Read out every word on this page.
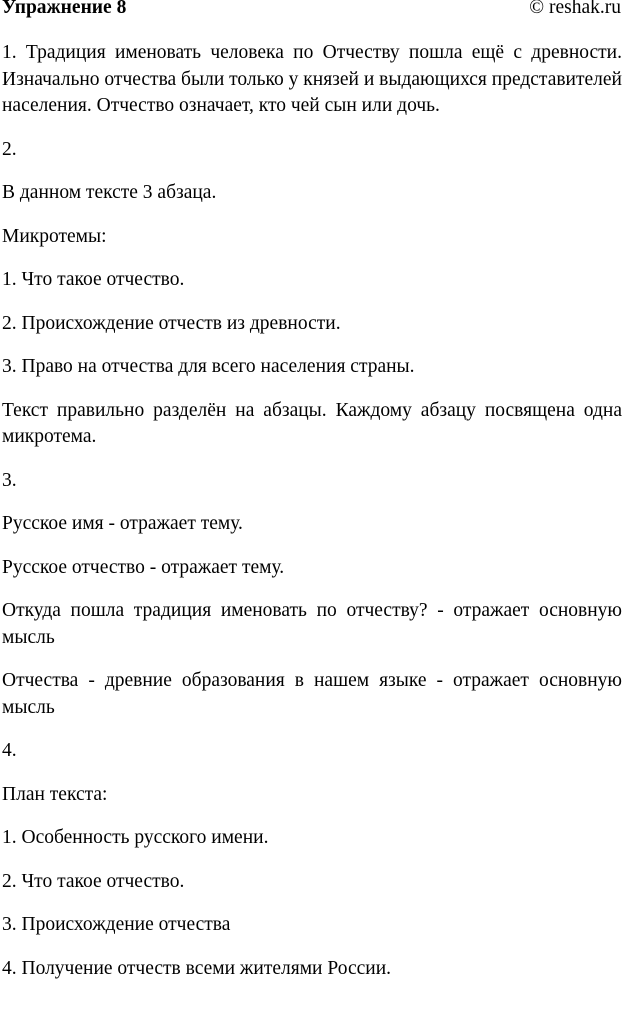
Упражнение 8	© reshak.ru

1. Традиция именовать человека по Отчеству пошла ещё с древности. Изначально отчества были только у князей и выдающихся представителей населения. Отчество означает, кто чей сын или дочь.

2.

В данном тексте 3 абзаца.

Микротемы:

1. Что такое отчество.

2. Происхождение отчеств из древности.

3. Право на отчества для всего населения страны.

Текст правильно разделён на абзацы. Каждому абзацу посвящена одна микротема.

3.

Русское имя - отражает тему.

Русское отчество - отражает тему.

Откуда пошла традиция именовать по отчеству? - отражает основную мысль

Отчества - древние образования в нашем языке - отражает основную мысль

4.

План текста:

1. Особенность русского имени.

2. Что такое отчество.

3. Происхождение отчества

4. Получение отчеств всеми жителями России.
